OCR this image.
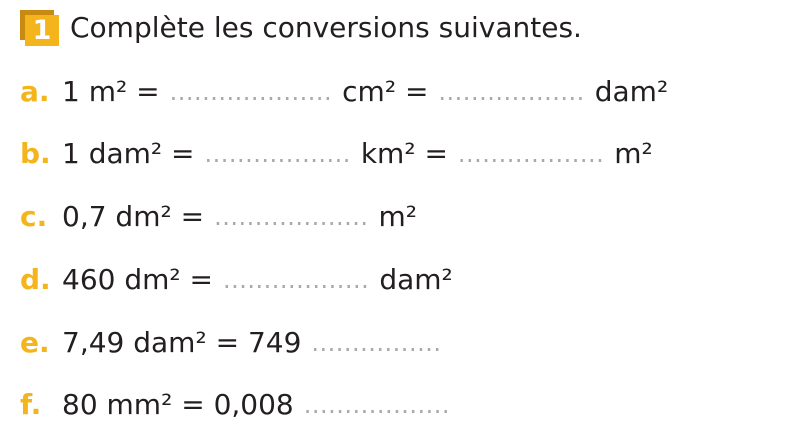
1 Complète les conversions suivantes.
a. 1 m² = .................... cm² = .................. dam²
b. 1 dam² = .................. km² = .................. m²
c. 0,7 dm² = ................... m²
d. 460 dm² = .................. dam²
e. 7,49 dam² = 749 ................
f. 80 mm² = 0,008 ..................
